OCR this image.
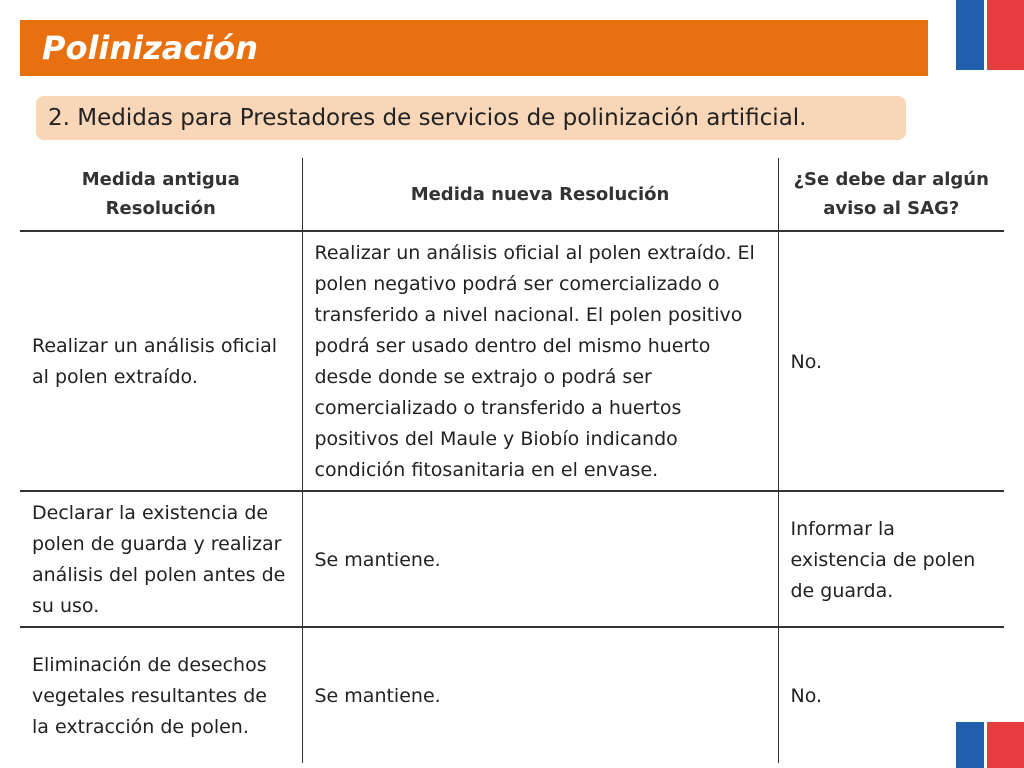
Polinización
2. Medidas para Prestadores de servicios de polinización artificial.
Medida antigua Resolución	Medida nueva Resolución	¿Se debe dar algún aviso al SAG?
Realizar un análisis oficial al polen extraído.	Realizar un análisis oficial al polen extraído. El polen negativo podrá ser comercializado o transferido a nivel nacional. El polen positivo podrá ser usado dentro del mismo huerto desde donde se extrajo o podrá ser comercializado o transferido a huertos positivos del Maule y Biobío indicando condición fitosanitaria en el envase.	No.
Declarar la existencia de polen de guarda y realizar análisis del polen antes de su uso.	Se mantiene.	Informar la existencia de polen de guarda.
Eliminación de desechos vegetales resultantes de la extracción de polen.	Se mantiene.	No.
